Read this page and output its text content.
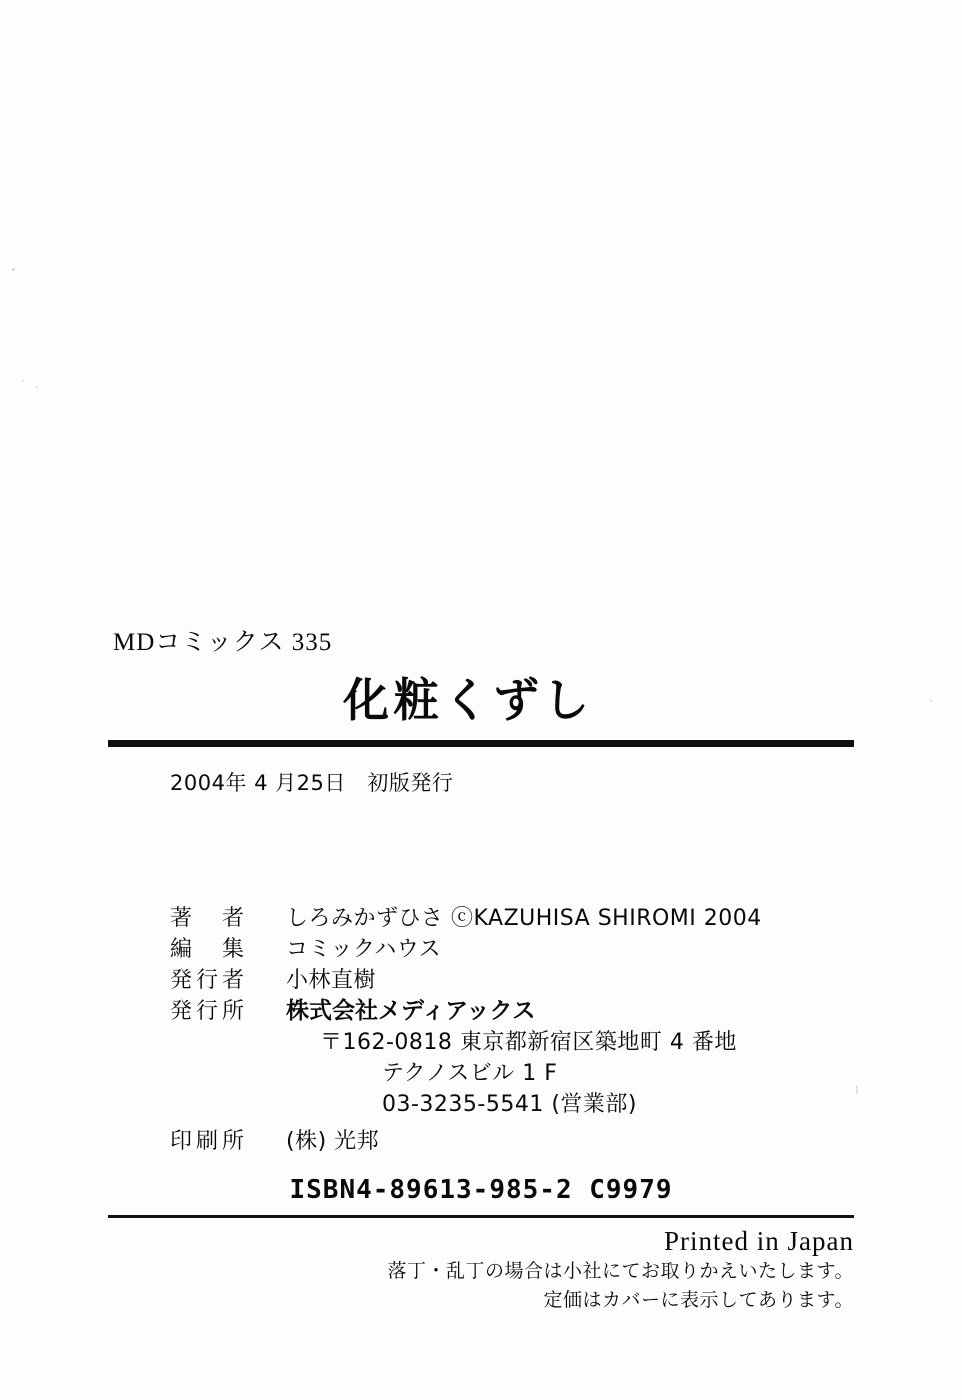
MDコミックス 335
化粧くずし
2004年 4 月25日　初版発行
著　者	しろみかずひさ ⓒKAZUHISA SHIROMI 2004
編　集	コミックハウス
発行者	小林直樹
発行所	株式会社メディアックス
〒162-0818 東京都新宿区築地町 4 番地
テクノスビル 1 F
03-3235-5541 (営業部)
印刷所	(株) 光邦
ISBN4-89613-985-2 C9979
Printed in Japan
落丁・乱丁の場合は小社にてお取りかえいたします。
定価はカバーに表示してあります。
